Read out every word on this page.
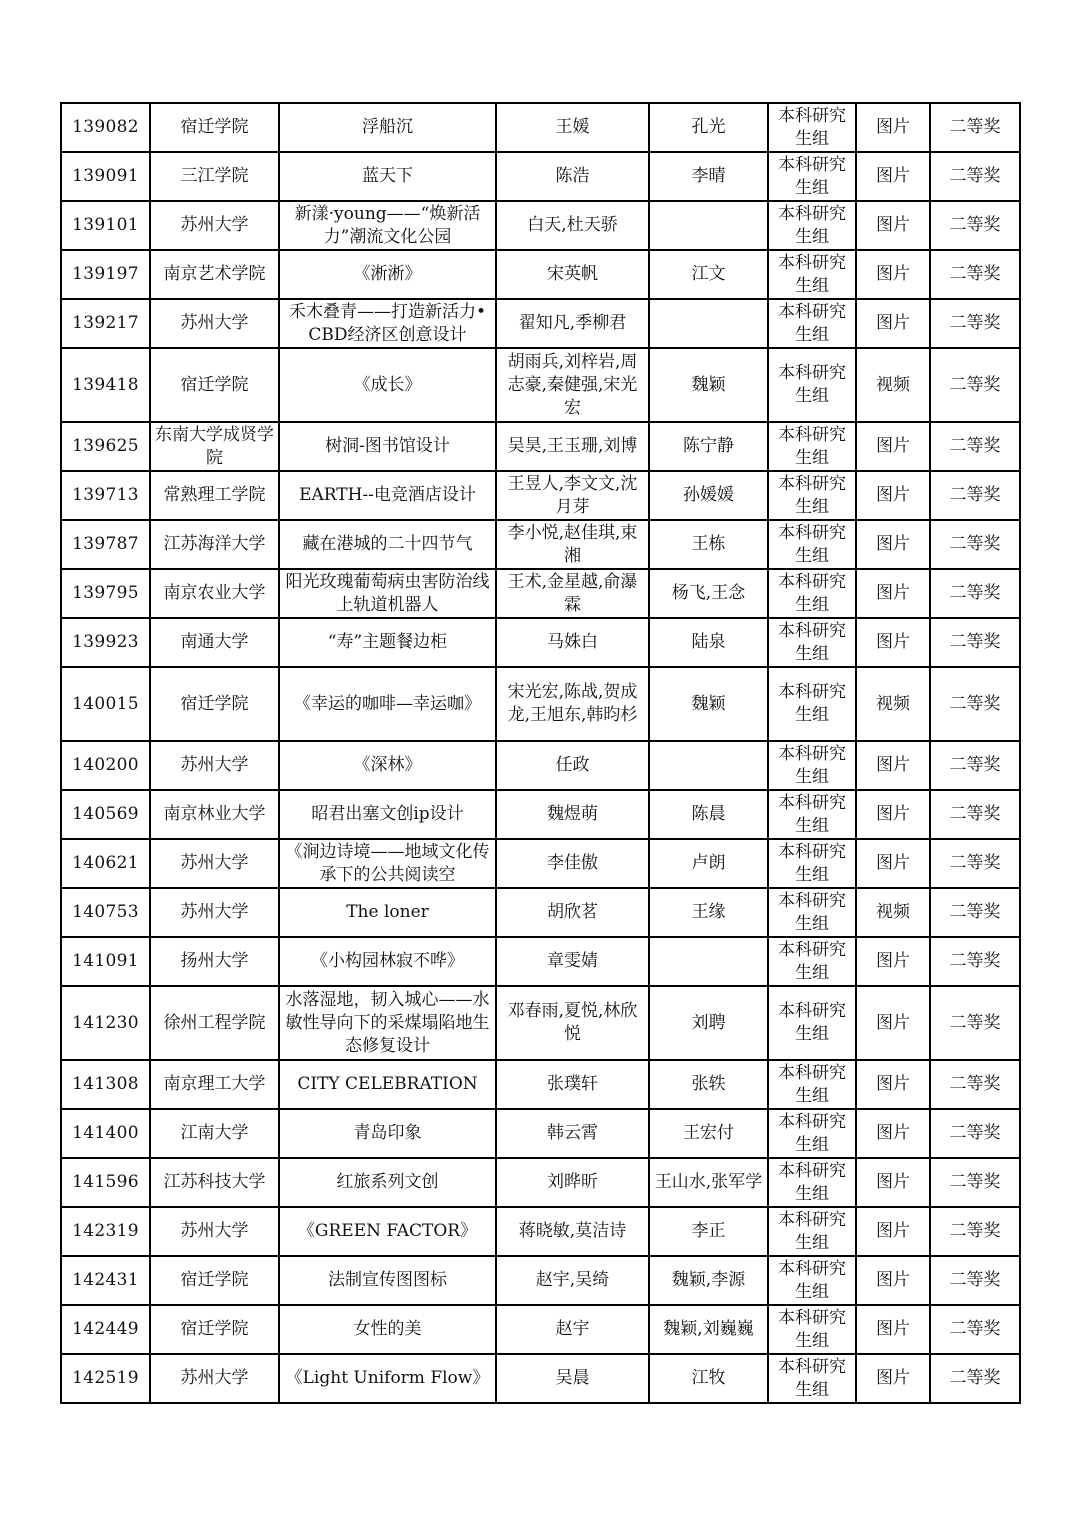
139082	宿迁学院	浮船沉	王媛	孔光	本科研究生组	图片	二等奖
139091	三江学院	蓝天下	陈浩	李晴	本科研究生组	图片	二等奖
139101	苏州大学	新漾·young——“焕新活力”潮流文化公园	白天,杜天骄		本科研究生组	图片	二等奖
139197	南京艺术学院	《淅淅》	宋英帆	江文	本科研究生组	图片	二等奖
139217	苏州大学	禾木叠青——打造新活力•CBD经济区创意设计	翟知凡,季柳君		本科研究生组	图片	二等奖
139418	宿迁学院	《成长》	胡雨兵,刘梓岩,周志豪,秦健强,宋光宏	魏颖	本科研究生组	视频	二等奖
139625	东南大学成贤学院	树洞-图书馆设计	吴昊,王玉珊,刘博	陈宁静	本科研究生组	图片	二等奖
139713	常熟理工学院	EARTH--电竞酒店设计	王昱人,李文文,沈月芽	孙媛媛	本科研究生组	图片	二等奖
139787	江苏海洋大学	藏在港城的二十四节气	李小悦,赵佳琪,束湘	王栋	本科研究生组	图片	二等奖
139795	南京农业大学	阳光玫瑰葡萄病虫害防治线上轨道机器人	王术,金星越,俞瀑霖	杨飞,王念	本科研究生组	图片	二等奖
139923	南通大学	“寿”主题餐边柜	马姝白	陆泉	本科研究生组	图片	二等奖
140015	宿迁学院	《幸运的咖啡—幸运咖》	宋光宏,陈战,贺成龙,王旭东,韩昀杉	魏颖	本科研究生组	视频	二等奖
140200	苏州大学	《深林》	任政		本科研究生组	图片	二等奖
140569	南京林业大学	昭君出塞文创ip设计	魏煜萌	陈晨	本科研究生组	图片	二等奖
140621	苏州大学	《涧边诗境——地域文化传承下的公共阅读空	李佳傲	卢朗	本科研究生组	图片	二等奖
140753	苏州大学	The loner	胡欣茗	王缘	本科研究生组	视频	二等奖
141091	扬州大学	《小构园林寂不哗》	章雯婧		本科研究生组	图片	二等奖
141230	徐州工程学院	水落湿地，韧入城心——水敏性导向下的采煤塌陷地生态修复设计	邓春雨,夏悦,林欣悦	刘聘	本科研究生组	图片	二等奖
141308	南京理工大学	CITY CELEBRATION	张璞轩	张轶	本科研究生组	图片	二等奖
141400	江南大学	青岛印象	韩云霄	王宏付	本科研究生组	图片	二等奖
141596	江苏科技大学	红旅系列文创	刘晔昕	王山水,张军学	本科研究生组	图片	二等奖
142319	苏州大学	《GREEN FACTOR》	蒋晓敏,莫洁诗	李正	本科研究生组	图片	二等奖
142431	宿迁学院	法制宣传图图标	赵宇,吴绮	魏颖,李源	本科研究生组	图片	二等奖
142449	宿迁学院	女性的美	赵宇	魏颖,刘巍巍	本科研究生组	图片	二等奖
142519	苏州大学	《Light Uniform Flow》	吴晨	江牧	本科研究生组	图片	二等奖
